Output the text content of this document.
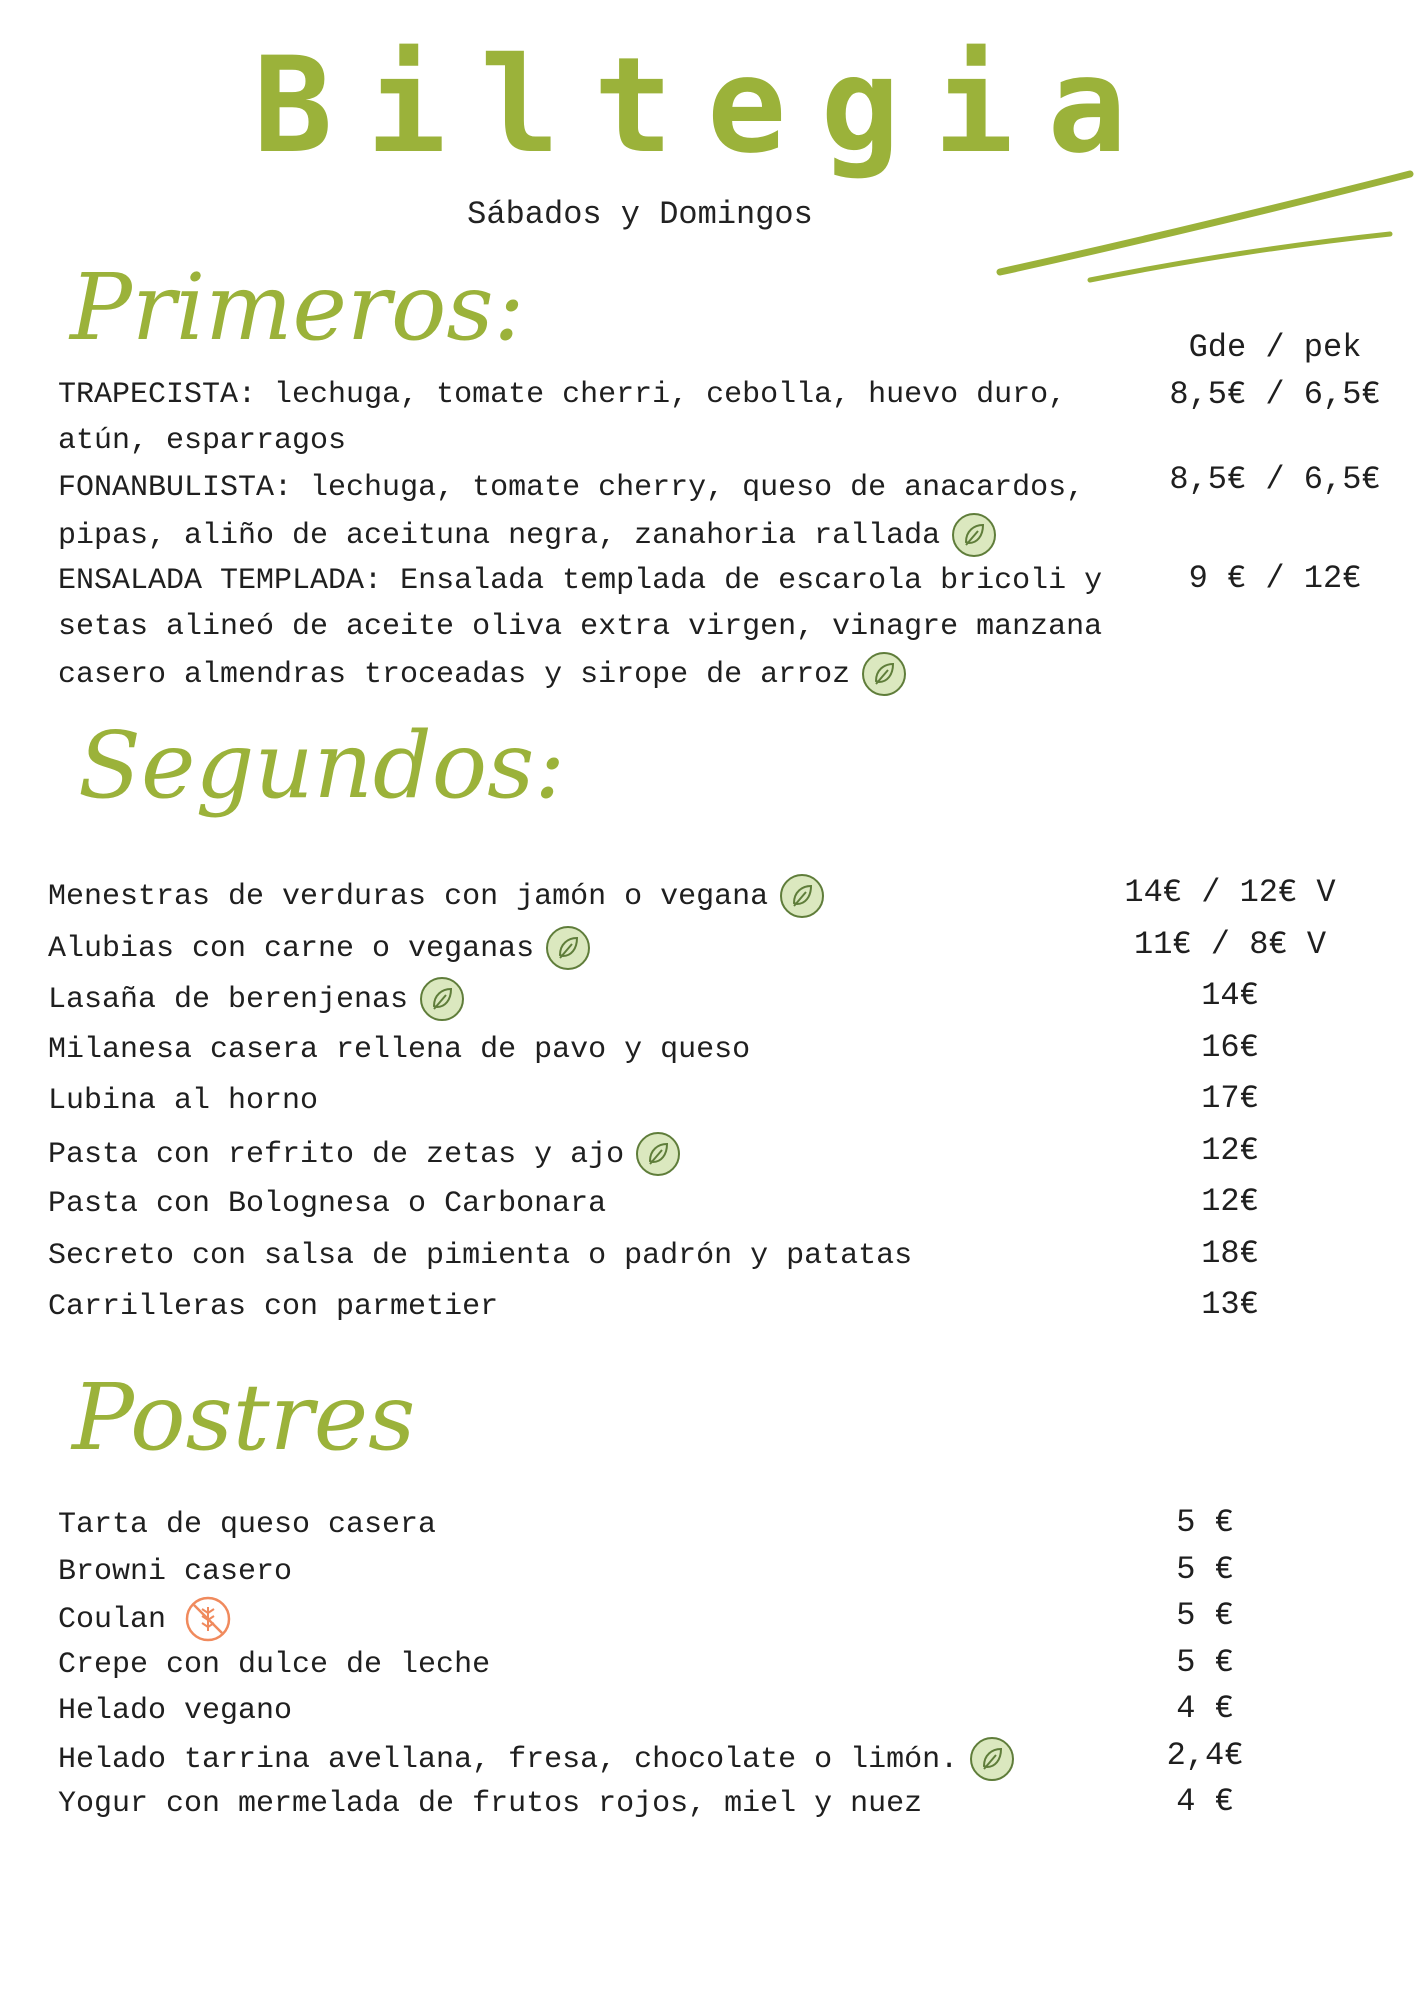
Biltegia
Sábados y Domingos
Primeros:	Gde / pek
TRAPECISTA: lechuga, tomate cherri, cebolla, huevo duro, atún, esparragos
8,5€ / 6,5€
FONANBULISTA: lechuga, tomate cherry, queso de anacardos, pipas, aliño de aceituna negra, zanahoria rallada
8,5€ / 6,5€
ENSALADA TEMPLADA: Ensalada templada de escarola bricoli y setas alineó de aceite oliva extra virgen, vinagre manzana casero almendras troceadas y sirope de arroz
9 € / 12€
Segundos:
Menestras de verduras con jamón o vegana	14€ / 12€ V
Alubias con carne o veganas	11€ / 8€ V
Lasaña de berenjenas	14€
Milanesa casera rellena de pavo y queso	16€
Lubina al horno	17€
Pasta con refrito de zetas y ajo	12€
Pasta con Bolognesa o Carbonara	12€
Secreto con salsa de pimienta o padrón y patatas	18€
Carrilleras con parmetier	13€
Postres
Tarta de queso casera	5 €
Browni casero	5 €
Coulan	5 €
Crepe con dulce de leche	5 €
Helado vegano	4 €
Helado tarrina avellana, fresa, chocolate o limón.	2,4€
Yogur con mermelada de frutos rojos, miel y nuez	4 €
